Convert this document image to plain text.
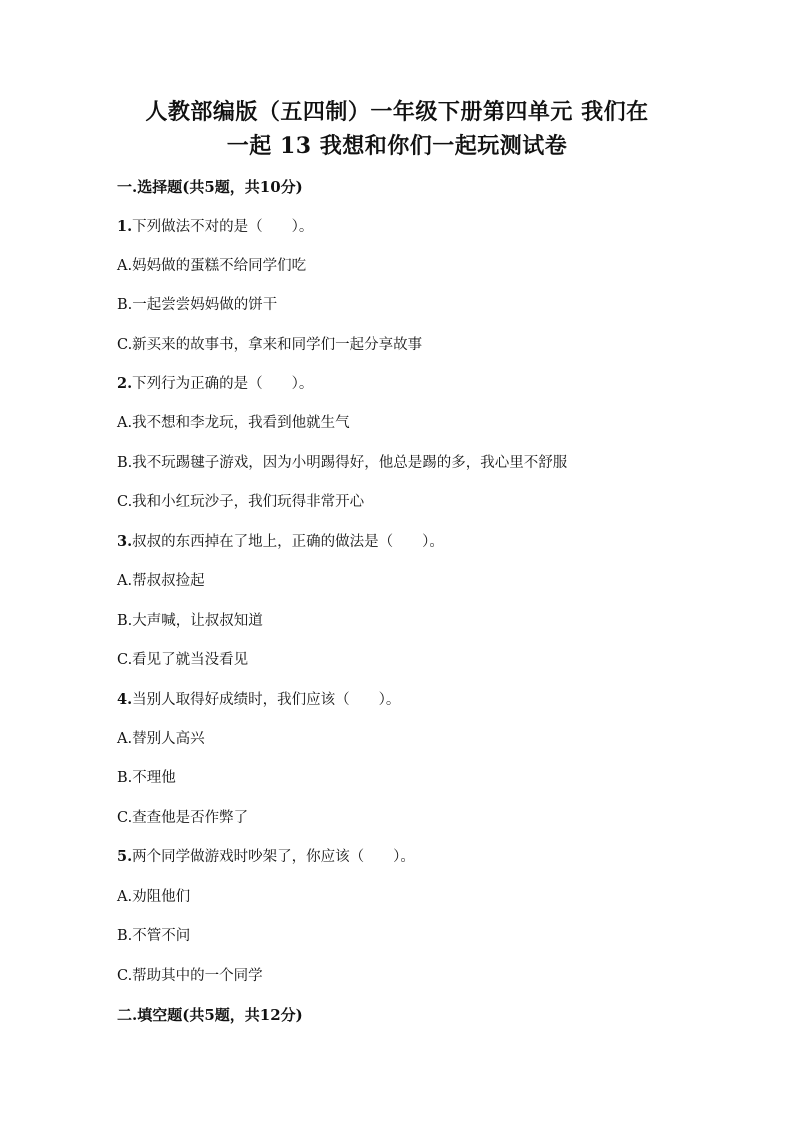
人教部编版（五四制）一年级下册第四单元 我们在
一起 13 我想和你们一起玩测试卷
一.选择题(共5题，共10分)
1.下列做法不对的是（　　）。
A.妈妈做的蛋糕不给同学们吃
B.一起尝尝妈妈做的饼干
C.新买来的故事书，拿来和同学们一起分享故事
2.下列行为正确的是（　　）。
A.我不想和李龙玩，我看到他就生气
B.我不玩踢毽子游戏，因为小明踢得好，他总是踢的多，我心里不舒服
C.我和小红玩沙子，我们玩得非常开心
3.叔叔的东西掉在了地上，正确的做法是（　　）。
A.帮叔叔捡起
B.大声喊，让叔叔知道
C.看见了就当没看见
4.当别人取得好成绩时，我们应该（　　）。
A.替别人高兴
B.不理他
C.查查他是否作弊了
5.两个同学做游戏时吵架了，你应该（　　）。
A.劝阻他们
B.不管不问
C.帮助其中的一个同学
二.填空题(共5题，共12分)
